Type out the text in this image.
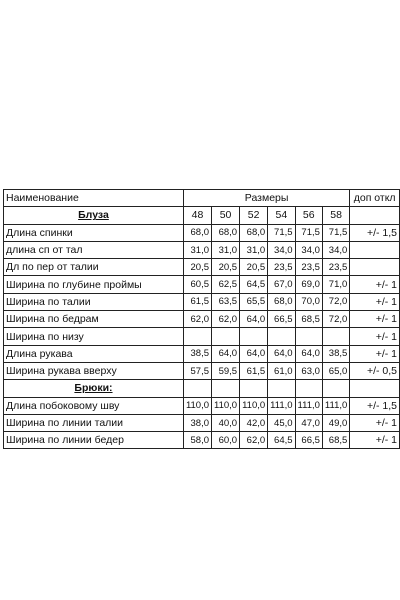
Наименование	Размеры						доп откл
Блуза	48	50	52	54	56	58	
Длина спинки	68,0	68,0	68,0	71,5	71,5	71,5	+/- 1,5
длина сп от тал	31,0	31,0	31,0	34,0	34,0	34,0	
Дл по пер от талии	20,5	20,5	20,5	23,5	23,5	23,5	
Ширина по глубине проймы	60,5	62,5	64,5	67,0	69,0	71,0	+/- 1
Ширина по талии	61,5	63,5	65,5	68,0	70,0	72,0	+/- 1
Ширина по бедрам	62,0	62,0	64,0	66,5	68,5	72,0	+/- 1
Ширина по низу							+/- 1
Длина рукава	38,5	64,0	64,0	64,0	64,0	38,5	+/- 1
Ширина рукава вверху	57,5	59,5	61,5	61,0	63,0	65,0	+/- 0,5
Брюки:							
Длина побоковому шву	110,0	110,0	110,0	111,0	111,0	111,0	+/- 1,5
Ширина по линии талии	38,0	40,0	42,0	45,0	47,0	49,0	+/- 1
Ширина по линии бедер	58,0	60,0	62,0	64,5	66,5	68,5	+/- 1
